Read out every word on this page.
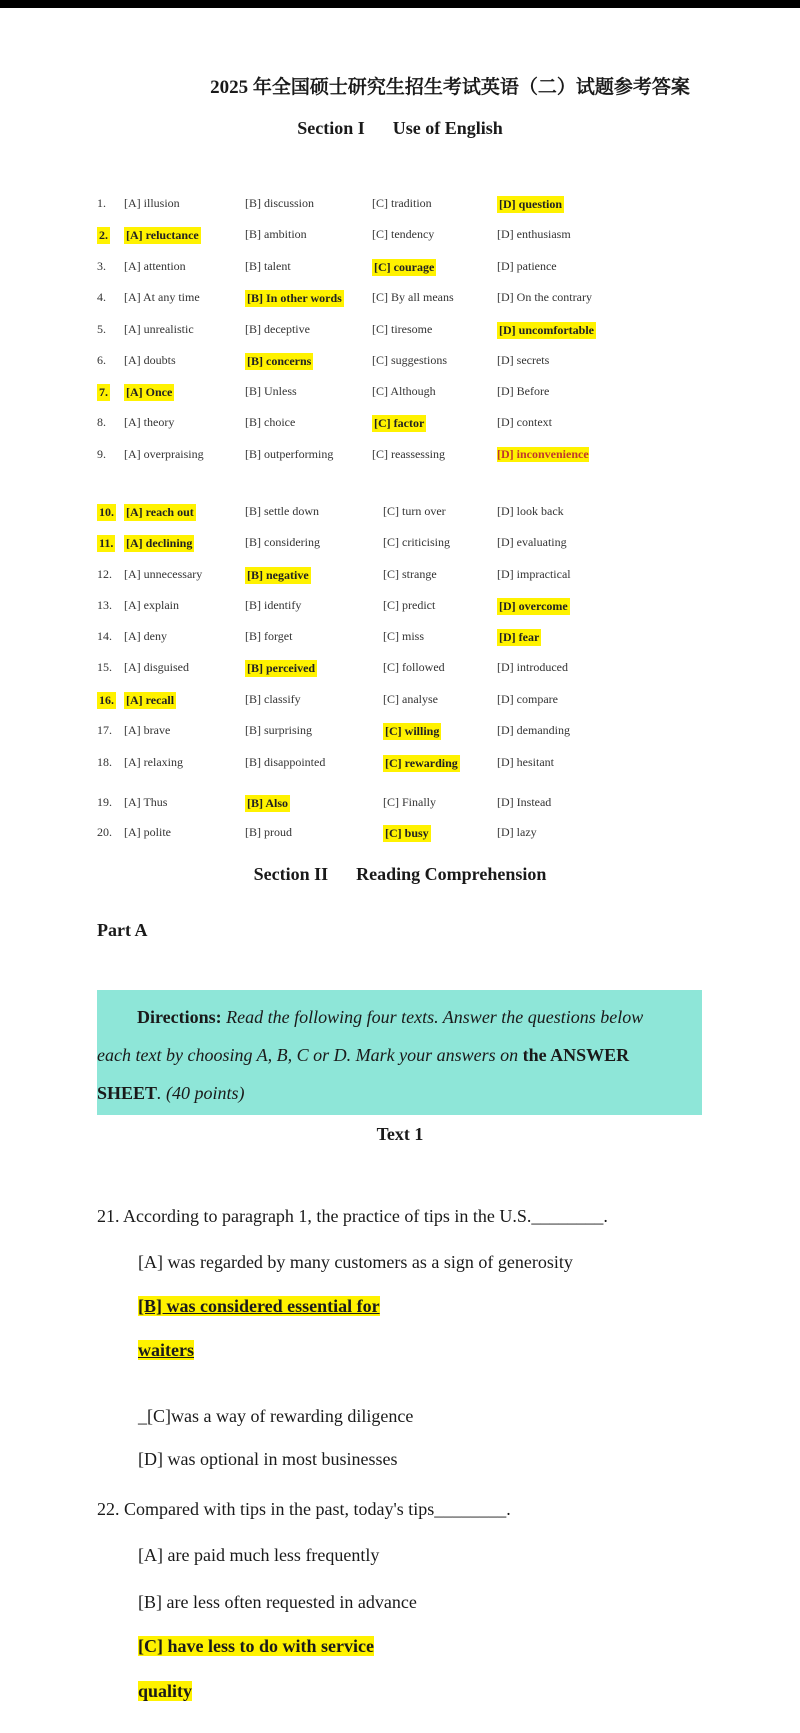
2025 年全国硕士研究生招生考试英语（二）试题参考答案
Section I Use of English
1. [A] illusion	[B] discussion	[C] tradition	[D] question
2. [A] reluctance	[B] ambition	[C] tendency	[D] enthusiasm
3. [A] attention	[B] talent	[C] courage	[D] patience
4. [A] At any time	[B] In other words	[C] By all means	[D] On the contrary
5. [A] unrealistic	[B] deceptive	[C] tiresome	[D] uncomfortable
6. [A] doubts	[B] concerns	[C] suggestions	[D] secrets
7. [A] Once	[B] Unless	[C] Although	[D] Before
8. [A] theory	[B] choice	[C] factor	[D] context
9. [A] overpraising	[B] outperforming	[C] reassessing	[D] inconvenience
10. [A] reach out	[B] settle down	[C] turn over	[D] look back
11. [A] declining	[B] considering	[C] criticising	[D] evaluating
12. [A] unnecessary	[B] negative	[C] strange	[D] impractical
13. [A] explain	[B] identify	[C] predict	[D] overcome
14. [A] deny	[B] forget	[C] miss	[D] fear
15. [A] disguised	[B] perceived	[C] followed	[D] introduced
16. [A] recall	[B] classify	[C] analyse	[D] compare
17. [A] brave	[B] surprising	[C] willing	[D] demanding
18. [A] relaxing	[B] disappointed	[C] rewarding	[D] hesitant
19. [A] Thus	[B] Also	[C] Finally	[D] Instead
20. [A] polite	[B] proud	[C] busy	[D] lazy
Section II Reading Comprehension
Part A

Directions: Read the following four texts. Answer the questions below

each text by choosing A, B, C or D. Mark your answers on the ANSWER

SHEET. (40 points)

Text 1
21. According to paragraph 1, the practice of tips in the U.S.________.
[A] was regarded by many customers as a sign of generosity
[B] was considered essential for
waiters
_[C]was a way of rewarding diligence
[D] was optional in most businesses
22. Compared with tips in the past, today's tips________.
[A] are paid much less frequently
[B] are less often requested in advance
[C] have less to do with service
quality
